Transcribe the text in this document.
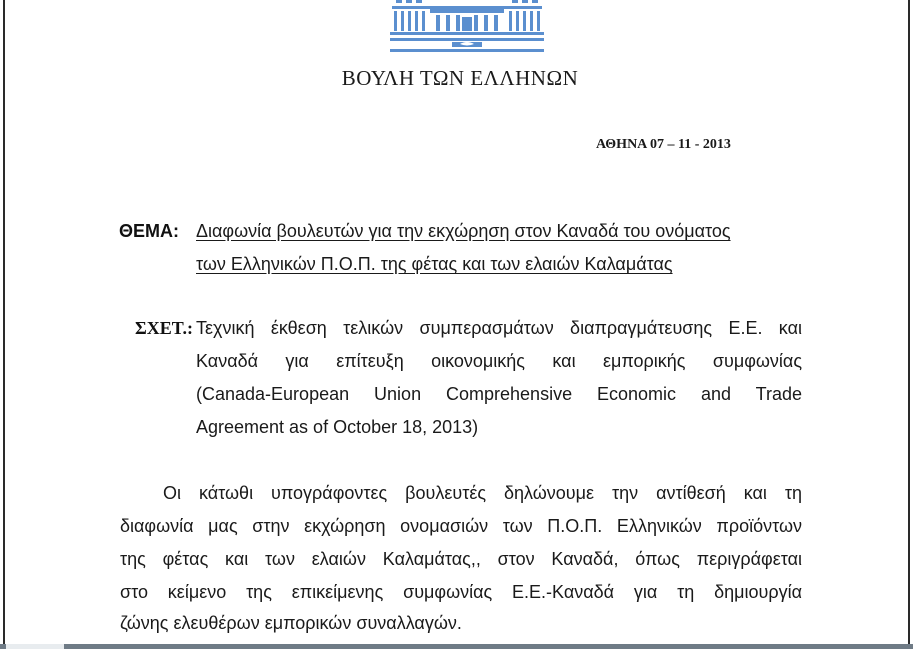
ΒΟΥΛΗ ΤΩΝ ΕΛΛΗΝΩΝ
ΑΘΗΝΑ 07 – 11 - 2013
ΘΕΜΑ: Διαφωνία βουλευτών για την εκχώρηση στον Καναδά του ονόματος
των Ελληνικών Π.Ο.Π. της φέτας και των ελαιών Καλαμάτας
ΣΧΕΤ.: Τεχνική έκθεση τελικών συμπερασμάτων διαπραγμάτευσης Ε.Ε. και
Καναδά για επίτευξη οικονομικής και εμπορικής συμφωνίας
(Canada-European Union Comprehensive Economic and Trade
Agreement as of October 18, 2013)
Οι κάτωθι υπογράφοντες βουλευτές δηλώνουμε την αντίθεσή και τη
διαφωνία μας στην εκχώρηση ονομασιών των Π.Ο.Π. Ελληνικών προϊόντων
της φέτας και των ελαιών Καλαμάτας,, στον Καναδά, όπως περιγράφεται
στο κείμενο της επικείμενης συμφωνίας Ε.Ε.-Καναδά για τη δημιουργία
ζώνης ελευθέρων εμπορικών συναλλαγών.
